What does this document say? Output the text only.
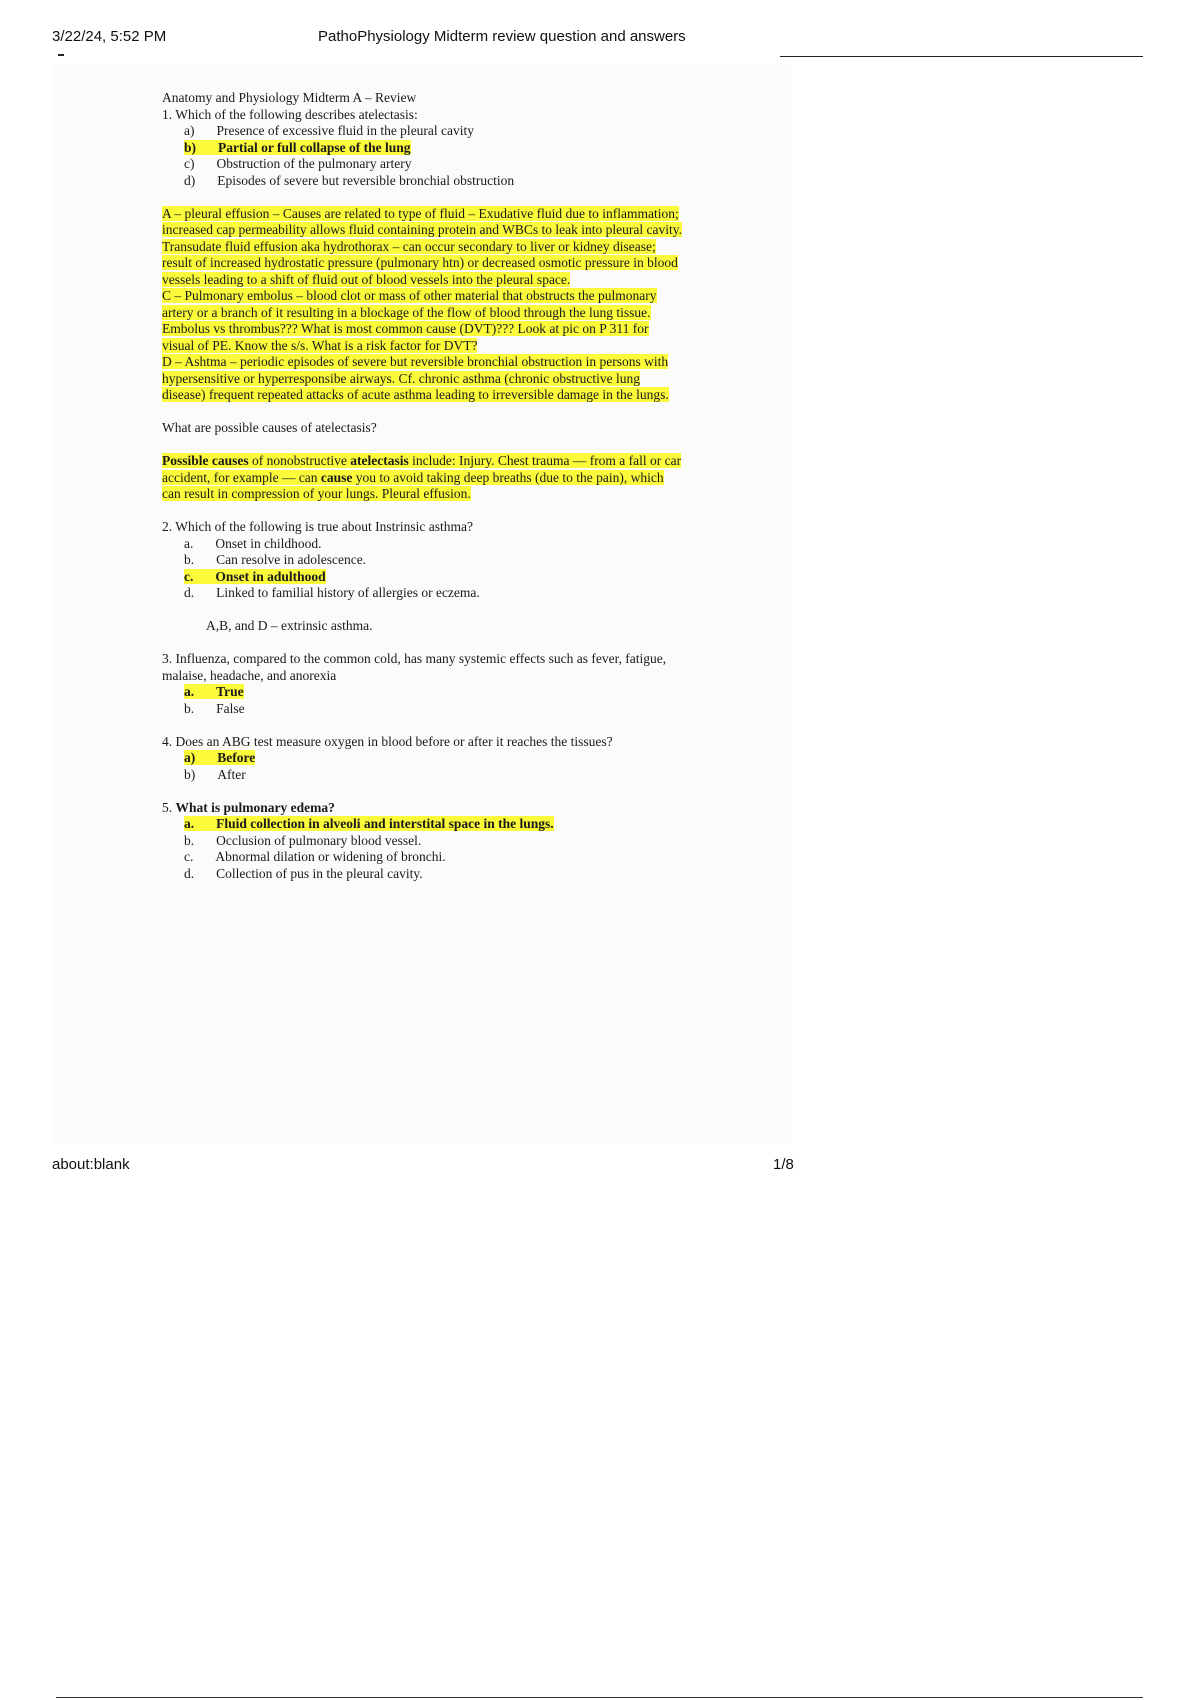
3/22/24, 5:52 PM	PathoPhysiology Midterm review question and answers

Anatomy and Physiology Midterm A – Review

1. Which of the following describes atelectasis:

a) Presence of excessive fluid in the pleural cavity
b) Partial or full collapse of the lung
c) Obstruction of the pulmonary artery
d) Episodes of severe but reversible bronchial obstruction

A – pleural effusion – Causes are related to type of fluid – Exudative fluid due to inflammation; increased cap permeability allows fluid containing protein and WBCs to leak into pleural cavity. Transudate fluid effusion aka hydrothorax – can occur secondary to liver or kidney disease; result of increased hydrostatic pressure (pulmonary htn) or decreased osmotic pressure in blood vessels leading to a shift of fluid out of blood vessels into the pleural space.

C – Pulmonary embolus – blood clot or mass of other material that obstructs the pulmonary artery or a branch of it resulting in a blockage of the flow of blood through the lung tissue. Embolus vs thrombus??? What is most common cause (DVT)??? Look at pic on P 311 for visual of PE. Know the s/s. What is a risk factor for DVT?

D – Ashtma – periodic episodes of severe but reversible bronchial obstruction in persons with hypersensitive or hyperresponsibe airways. Cf. chronic asthma (chronic obstructive lung disease) frequent repeated attacks of acute asthma leading to irreversible damage in the lungs.

What are possible causes of atelectasis?

Possible causes of nonobstructive atelectasis include: Injury. Chest trauma — from a fall or car accident, for example — can cause you to avoid taking deep breaths (due to the pain), which can result in compression of your lungs. Pleural effusion.

2. Which of the following is true about Instrinsic asthma?

a. Onset in childhood.
b. Can resolve in adolescence.
c. Onset in adulthood
d. Linked to familial history of allergies or eczema.

A,B, and D – extrinsic asthma.

3. Influenza, compared to the common cold, has many systemic effects such as fever, fatigue, malaise, headache, and anorexia

a. True
b. False

4. Does an ABG test measure oxygen in blood before or after it reaches the tissues?

a) Before
b) After

5. What is pulmonary edema?

a. Fluid collection in alveoli and interstital space in the lungs.
b. Occlusion of pulmonary blood vessel.
c. Abnormal dilation or widening of bronchi.
d. Collection of pus in the pleural cavity.
about:blank	1/8
